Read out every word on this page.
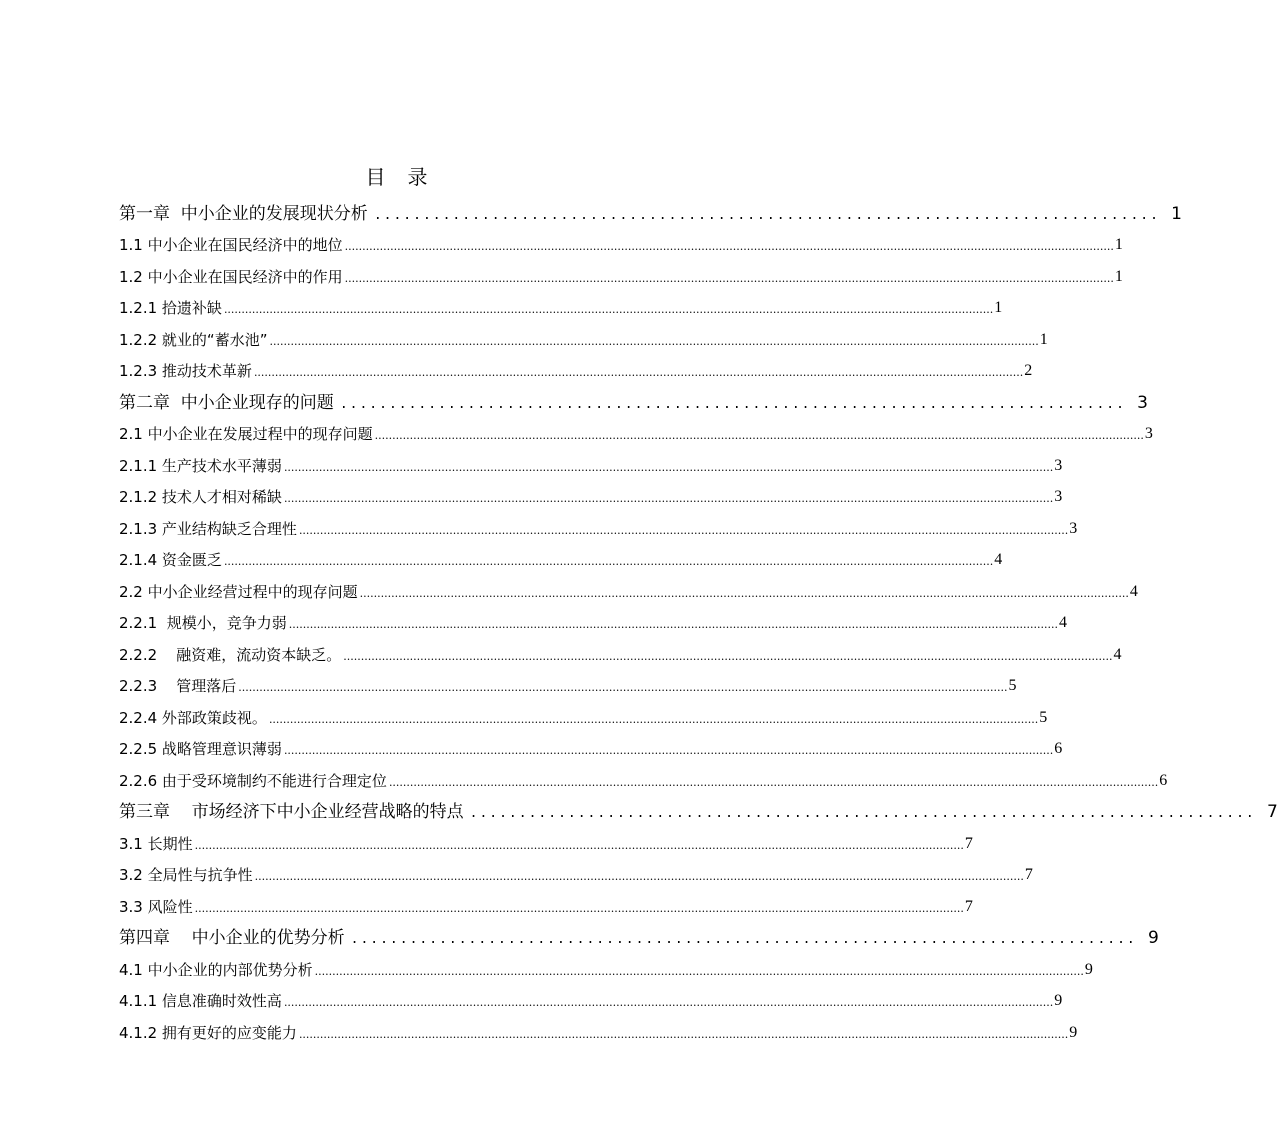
目 录
第一章  中小企业的发展现状分析 ................................................................................ 1
1.1 中小企业在国民经济中的地位 ............................................................................................................................................................................................................................ 1
1.2 中小企业在国民经济中的作用 ............................................................................................................................................................................................................................ 1
1.2.1 拾遗补缺 ............................................................................................................................................................................................................................ 1
1.2.2 就业的“蓄水池” ............................................................................................................................................................................................................................ 1
1.2.3 推动技术革新 ............................................................................................................................................................................................................................ 2
第二章  中小企业现存的问题 ................................................................................ 3
2.1 中小企业在发展过程中的现存问题 ............................................................................................................................................................................................................................ 3
2.1.1 生产技术水平薄弱 ............................................................................................................................................................................................................................ 3
2.1.2 技术人才相对稀缺 ............................................................................................................................................................................................................................ 3
2.1.3 产业结构缺乏合理性 ............................................................................................................................................................................................................................ 3
2.1.4 资金匮乏 ............................................................................................................................................................................................................................ 4
2.2 中小企业经营过程中的现存问题 ............................................................................................................................................................................................................................ 4
2.2.1  规模小，竞争力弱 ............................................................................................................................................................................................................................ 4
2.2.2    融资难，流动资本缺乏。 ............................................................................................................................................................................................................................ 4
2.2.3    管理落后 ............................................................................................................................................................................................................................ 5
2.2.4 外部政策歧视。 ............................................................................................................................................................................................................................ 5
2.2.5 战略管理意识薄弱 ............................................................................................................................................................................................................................ 6
2.2.6 由于受环境制约不能进行合理定位 ............................................................................................................................................................................................................................ 6
第三章    市场经济下中小企业经营战略的特点 ................................................................................ 7
3.1 长期性 ............................................................................................................................................................................................................................ 7
3.2 全局性与抗争性 ............................................................................................................................................................................................................................ 7
3.3 风险性 ............................................................................................................................................................................................................................ 7
第四章    中小企业的优势分析 ................................................................................ 9
4.1 中小企业的内部优势分析 ............................................................................................................................................................................................................................ 9
4.1.1 信息准确时效性高 ............................................................................................................................................................................................................................ 9
4.1.2 拥有更好的应变能力 ............................................................................................................................................................................................................................ 9
